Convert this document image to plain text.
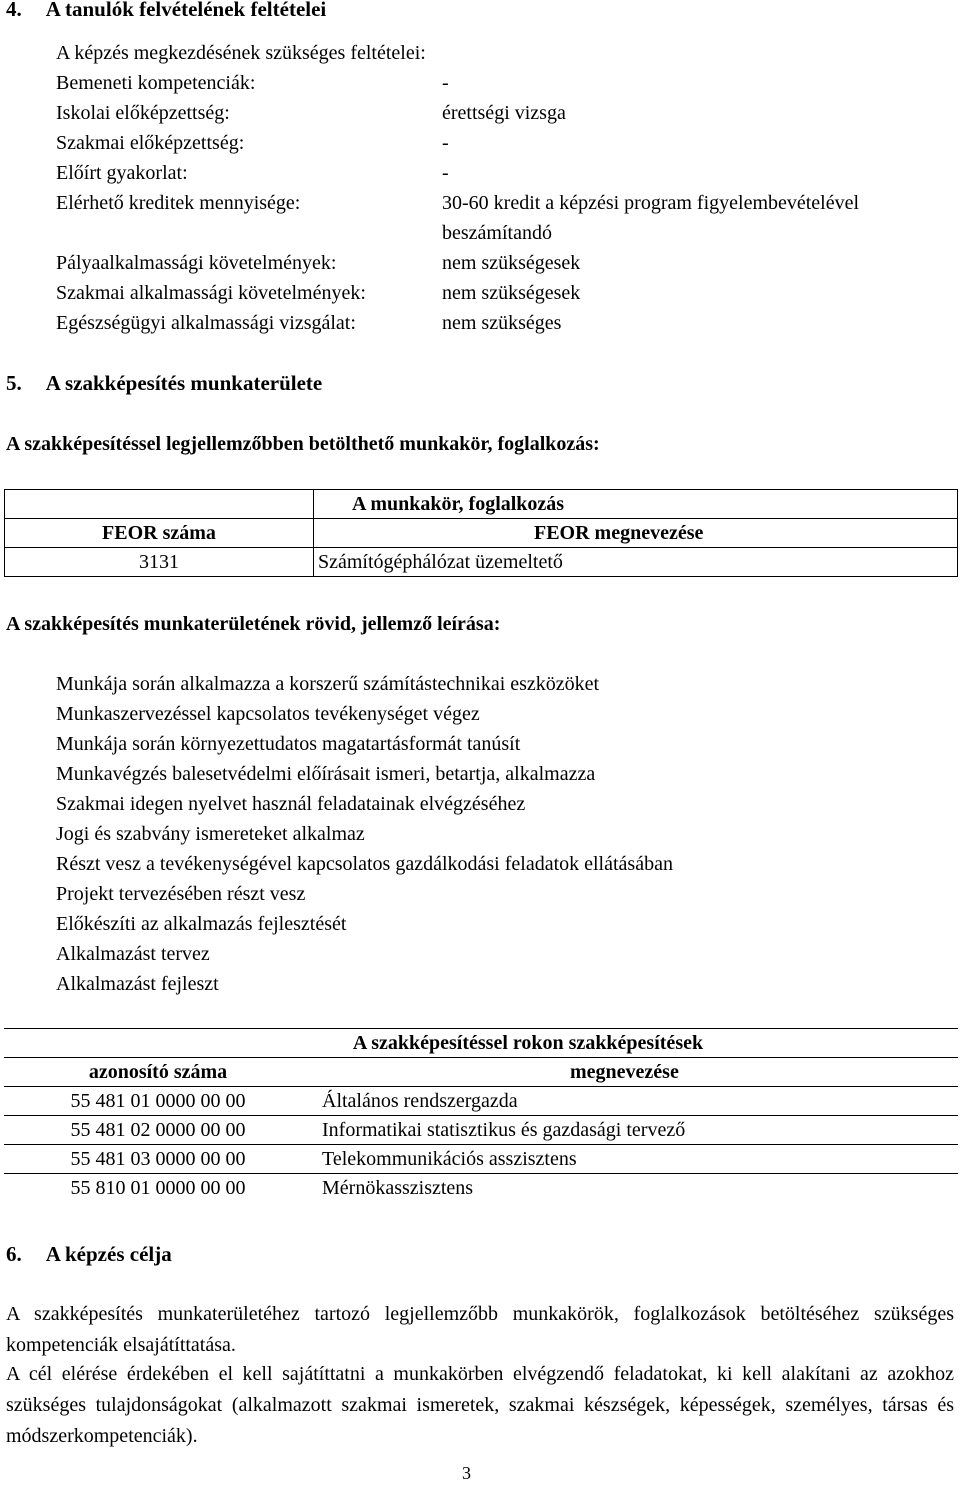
4. A tanulók felvételének feltételei
A képzés megkezdésének szükséges feltételei:
Bemeneti kompetenciák:	-
Iskolai előképzettség:	érettségi vizsga
Szakmai előképzettség:	-
Előírt gyakorlat:	-
Elérhető kreditek mennyisége:	30-60 kredit a képzési program figyelembevételével
beszámítandó
Pályaalkalmassági követelmények:	nem szükségesek
Szakmai alkalmassági követelmények:	nem szükségesek
Egészségügyi alkalmassági vizsgálat:	nem szükséges
5. A szakképesítés munkaterülete
A szakképesítéssel legjellemzőbben betölthető munkakör, foglalkozás:
	A munkakör, foglalkozás
FEOR száma	FEOR megnevezése
3131	Számítógéphálózat üzemeltető
A szakképesítés munkaterületének rövid, jellemző leírása:
Munkája során alkalmazza a korszerű számítástechnikai eszközöket
Munkaszervezéssel kapcsolatos tevékenységet végez
Munkája során környezettudatos magatartásformát tanúsít
Munkavégzés balesetvédelmi előírásait ismeri, betartja, alkalmazza
Szakmai idegen nyelvet használ feladatainak elvégzéséhez
Jogi és szabvány ismereteket alkalmaz
Részt vesz a tevékenységével kapcsolatos gazdálkodási feladatok ellátásában
Projekt tervezésében részt vesz
Előkészíti az alkalmazás fejlesztését
Alkalmazást tervez
Alkalmazást fejleszt
A szakképesítéssel rokon szakképesítések	
azonosító száma	megnevezése
55 481 01 0000 00 00	Általános rendszergazda
55 481 02 0000 00 00	Informatikai statisztikus és gazdasági tervező
55 481 03 0000 00 00	Telekommunikációs asszisztens
55 810 01 0000 00 00	Mérnökasszisztens
6. A képzés célja
A szakképesítés munkaterületéhez tartozó legjellemzőbb munkakörök, foglalkozások betöltéséhez szükséges kompetenciák elsajátíttatása.
A cél elérése érdekében el kell sajátíttatni a munkakörben elvégzendő feladatokat, ki kell alakítani az azokhoz szükséges tulajdonságokat (alkalmazott szakmai ismeretek, szakmai készségek, képességek, személyes, társas és módszerkompetenciák).
3
